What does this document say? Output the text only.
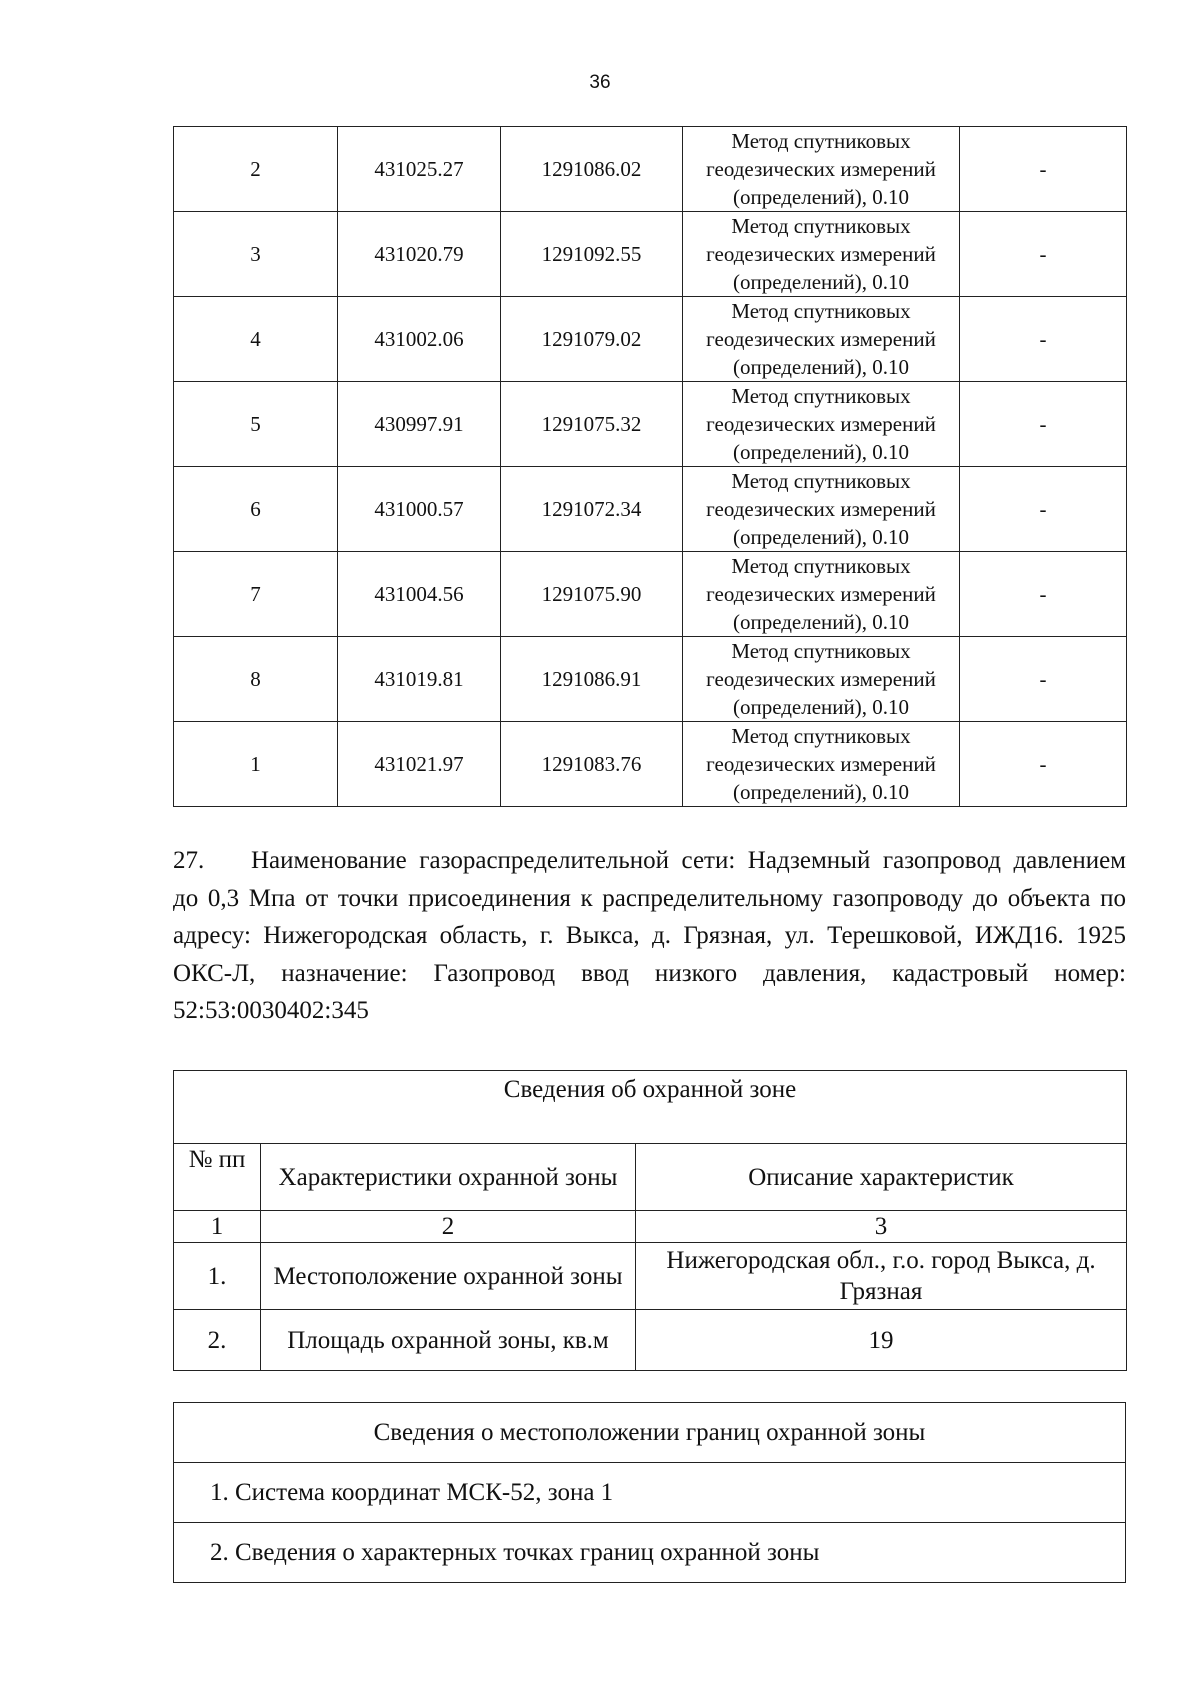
36
2	431025.27	1291086.02	Метод спутниковых
геодезических измерений
(определений), 0.10	-
3	431020.79	1291092.55	Метод спутниковых
геодезических измерений
(определений), 0.10	-
4	431002.06	1291079.02	Метод спутниковых
геодезических измерений
(определений), 0.10	-
5	430997.91	1291075.32	Метод спутниковых
геодезических измерений
(определений), 0.10	-
6	431000.57	1291072.34	Метод спутниковых
геодезических измерений
(определений), 0.10	-
7	431004.56	1291075.90	Метод спутниковых
геодезических измерений
(определений), 0.10	-
8	431019.81	1291086.91	Метод спутниковых
геодезических измерений
(определений), 0.10	-
1	431021.97	1291083.76	Метод спутниковых
геодезических измерений
(определений), 0.10	-
27. Наименование газораспределительной сети: Надземный газопровод давлением до 0,3 Мпа от точки присоединения к распределительному газопроводу до объекта по адресу: Нижегородская область, г. Выкса, д. Грязная, ул. Терешковой, ИЖД16. 1925 ОКС-Л, назначение: Газопровод ввод низкого давления, кадастровый номер: 52:53:0030402:345
Сведения об охранной зоне		
№ пп	Характеристики охранной зоны	Описание характеристик
1	2	3
1.	Местоположение охранной зоны	Нижегородская обл., г.о. город Выкса, д. Грязная
2.	Площадь охранной зоны, кв.м	19
Сведения о местоположении границ охранной зоны
1. Система координат МСК-52, зона 1
2. Сведения о характерных точках границ охранной зоны
